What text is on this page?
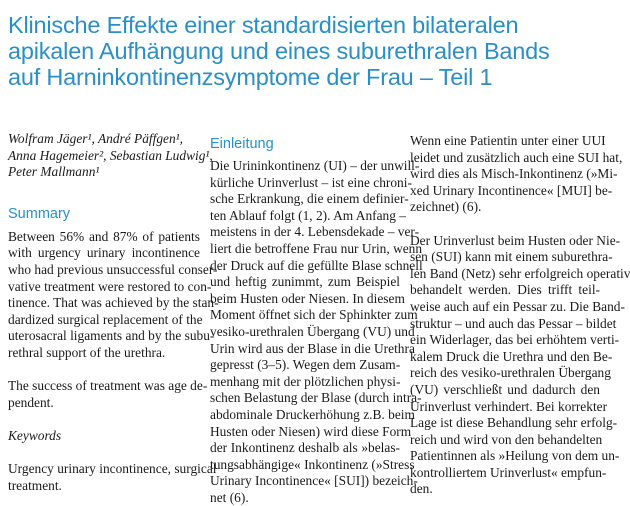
Klinische Effekte einer standardisierten bilateralen
apikalen Aufhängung und eines suburethralen Bands
auf Harninkontinenzsymptome der Frau – Teil 1
Wolfram Jäger¹, André Päffgen¹,
Anna Hagemeier², Sebastian Ludwig¹,
Peter Mallmann¹
Summary
Between 56% and 87% of patients
with urgency urinary incontinence
who had previous unsuccessful conser-
vative treatment were restored to con-
tinence. That was achieved by the stan-
dardized surgical replacement of the
uterosacral ligaments and by the subu-
rethral support of the urethra.
The success of treatment was age de-
pendent.
Keywords
Urgency urinary incontinence, surgical
treatment.
Einleitung
Die Urininkontinenz (UI) – der unwill-
kürliche Urinverlust – ist eine chroni-
sche Erkrankung, die einem definier-
ten Ablauf folgt (1, 2). Am Anfang –
meistens in der 4. Lebensdekade – ver-
liert die betroffene Frau nur Urin, wenn
der Druck auf die gefüllte Blase schnell
und heftig zunimmt, zum Beispiel
beim Husten oder Niesen. In diesem
Moment öffnet sich der Sphinkter zum
vesiko-urethralen Übergang (VU) und
Urin wird aus der Blase in die Urethra
gepresst (3–5). Wegen dem Zusam-
menhang mit der plötzlichen physi-
schen Belastung der Blase (durch intra-
abdominale Druckerhöhung z.B. beim
Husten oder Niesen) wird diese Form
der Inkontinenz deshalb als »belas-
tungsabhängige« Inkontinenz (»Stress
Urinary Incontinence« [SUI]) bezeich-
net (6).
Wenn eine Patientin unter einer UUI
leidet und zusätzlich auch eine SUI hat,
wird dies als Misch-Inkontinenz (»Mi-
xed Urinary Incontinence« [MUI] be-
zeichnet) (6).
Der Urinverlust beim Husten oder Nie-
sen (SUI) kann mit einem suburethra-
len Band (Netz) sehr erfolgreich operativ
behandelt werden. Dies trifft teil-
weise auch auf ein Pessar zu. Die Band-
struktur – und auch das Pessar – bildet
ein Widerlager, das bei erhöhtem verti-
kalem Druck die Urethra und den Be-
reich des vesiko-urethralen Übergang
(VU) verschließt und dadurch den
Urinverlust verhindert. Bei korrekter
Lage ist diese Behandlung sehr erfolg-
reich und wird von den behandelten
Patientinnen als »Heilung von dem un-
kontrolliertem Urinverlust« empfun-
den.
